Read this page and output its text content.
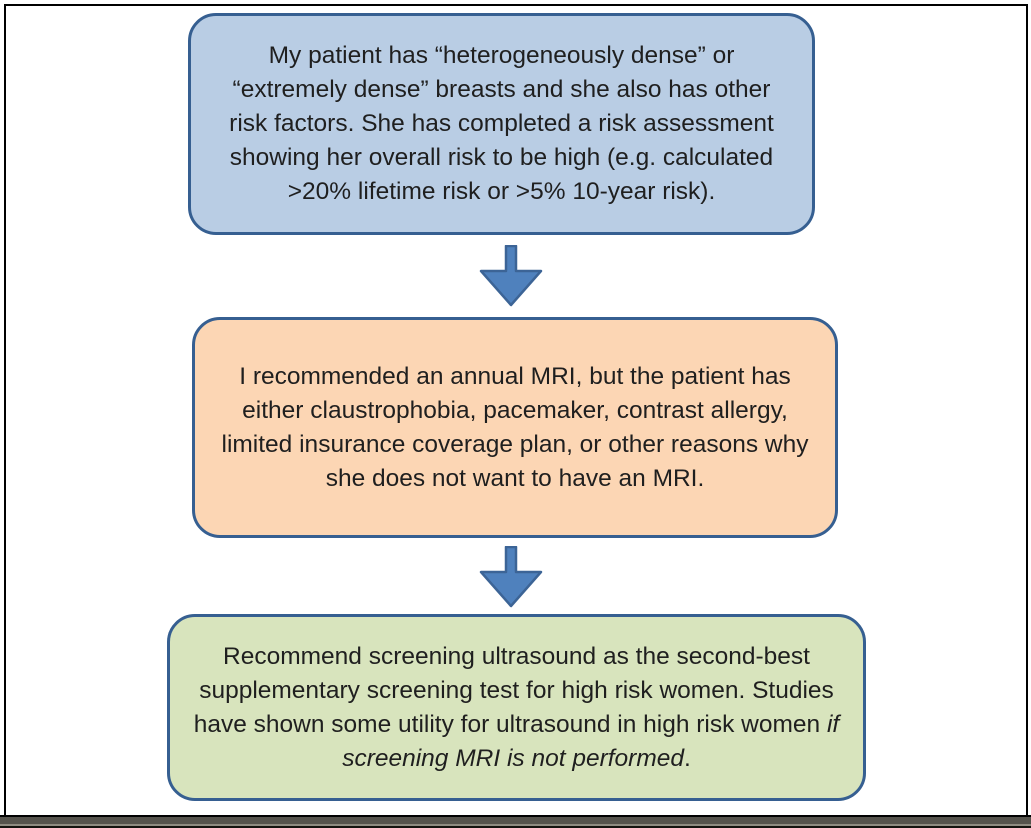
My patient has “heterogeneously dense” or “extremely dense” breasts and she also has other risk factors. She has completed a risk assessment showing her overall risk to be high (e.g. calculated >20% lifetime risk or >5% 10-year risk).

I recommended an annual MRI, but the patient has either claustrophobia, pacemaker, contrast allergy, limited insurance coverage plan, or other reasons why she does not want to have an MRI.

Recommend screening ultrasound as the second-best supplementary screening test for high risk women. Studies have shown some utility for ultrasound in high risk women if screening MRI is not performed.
